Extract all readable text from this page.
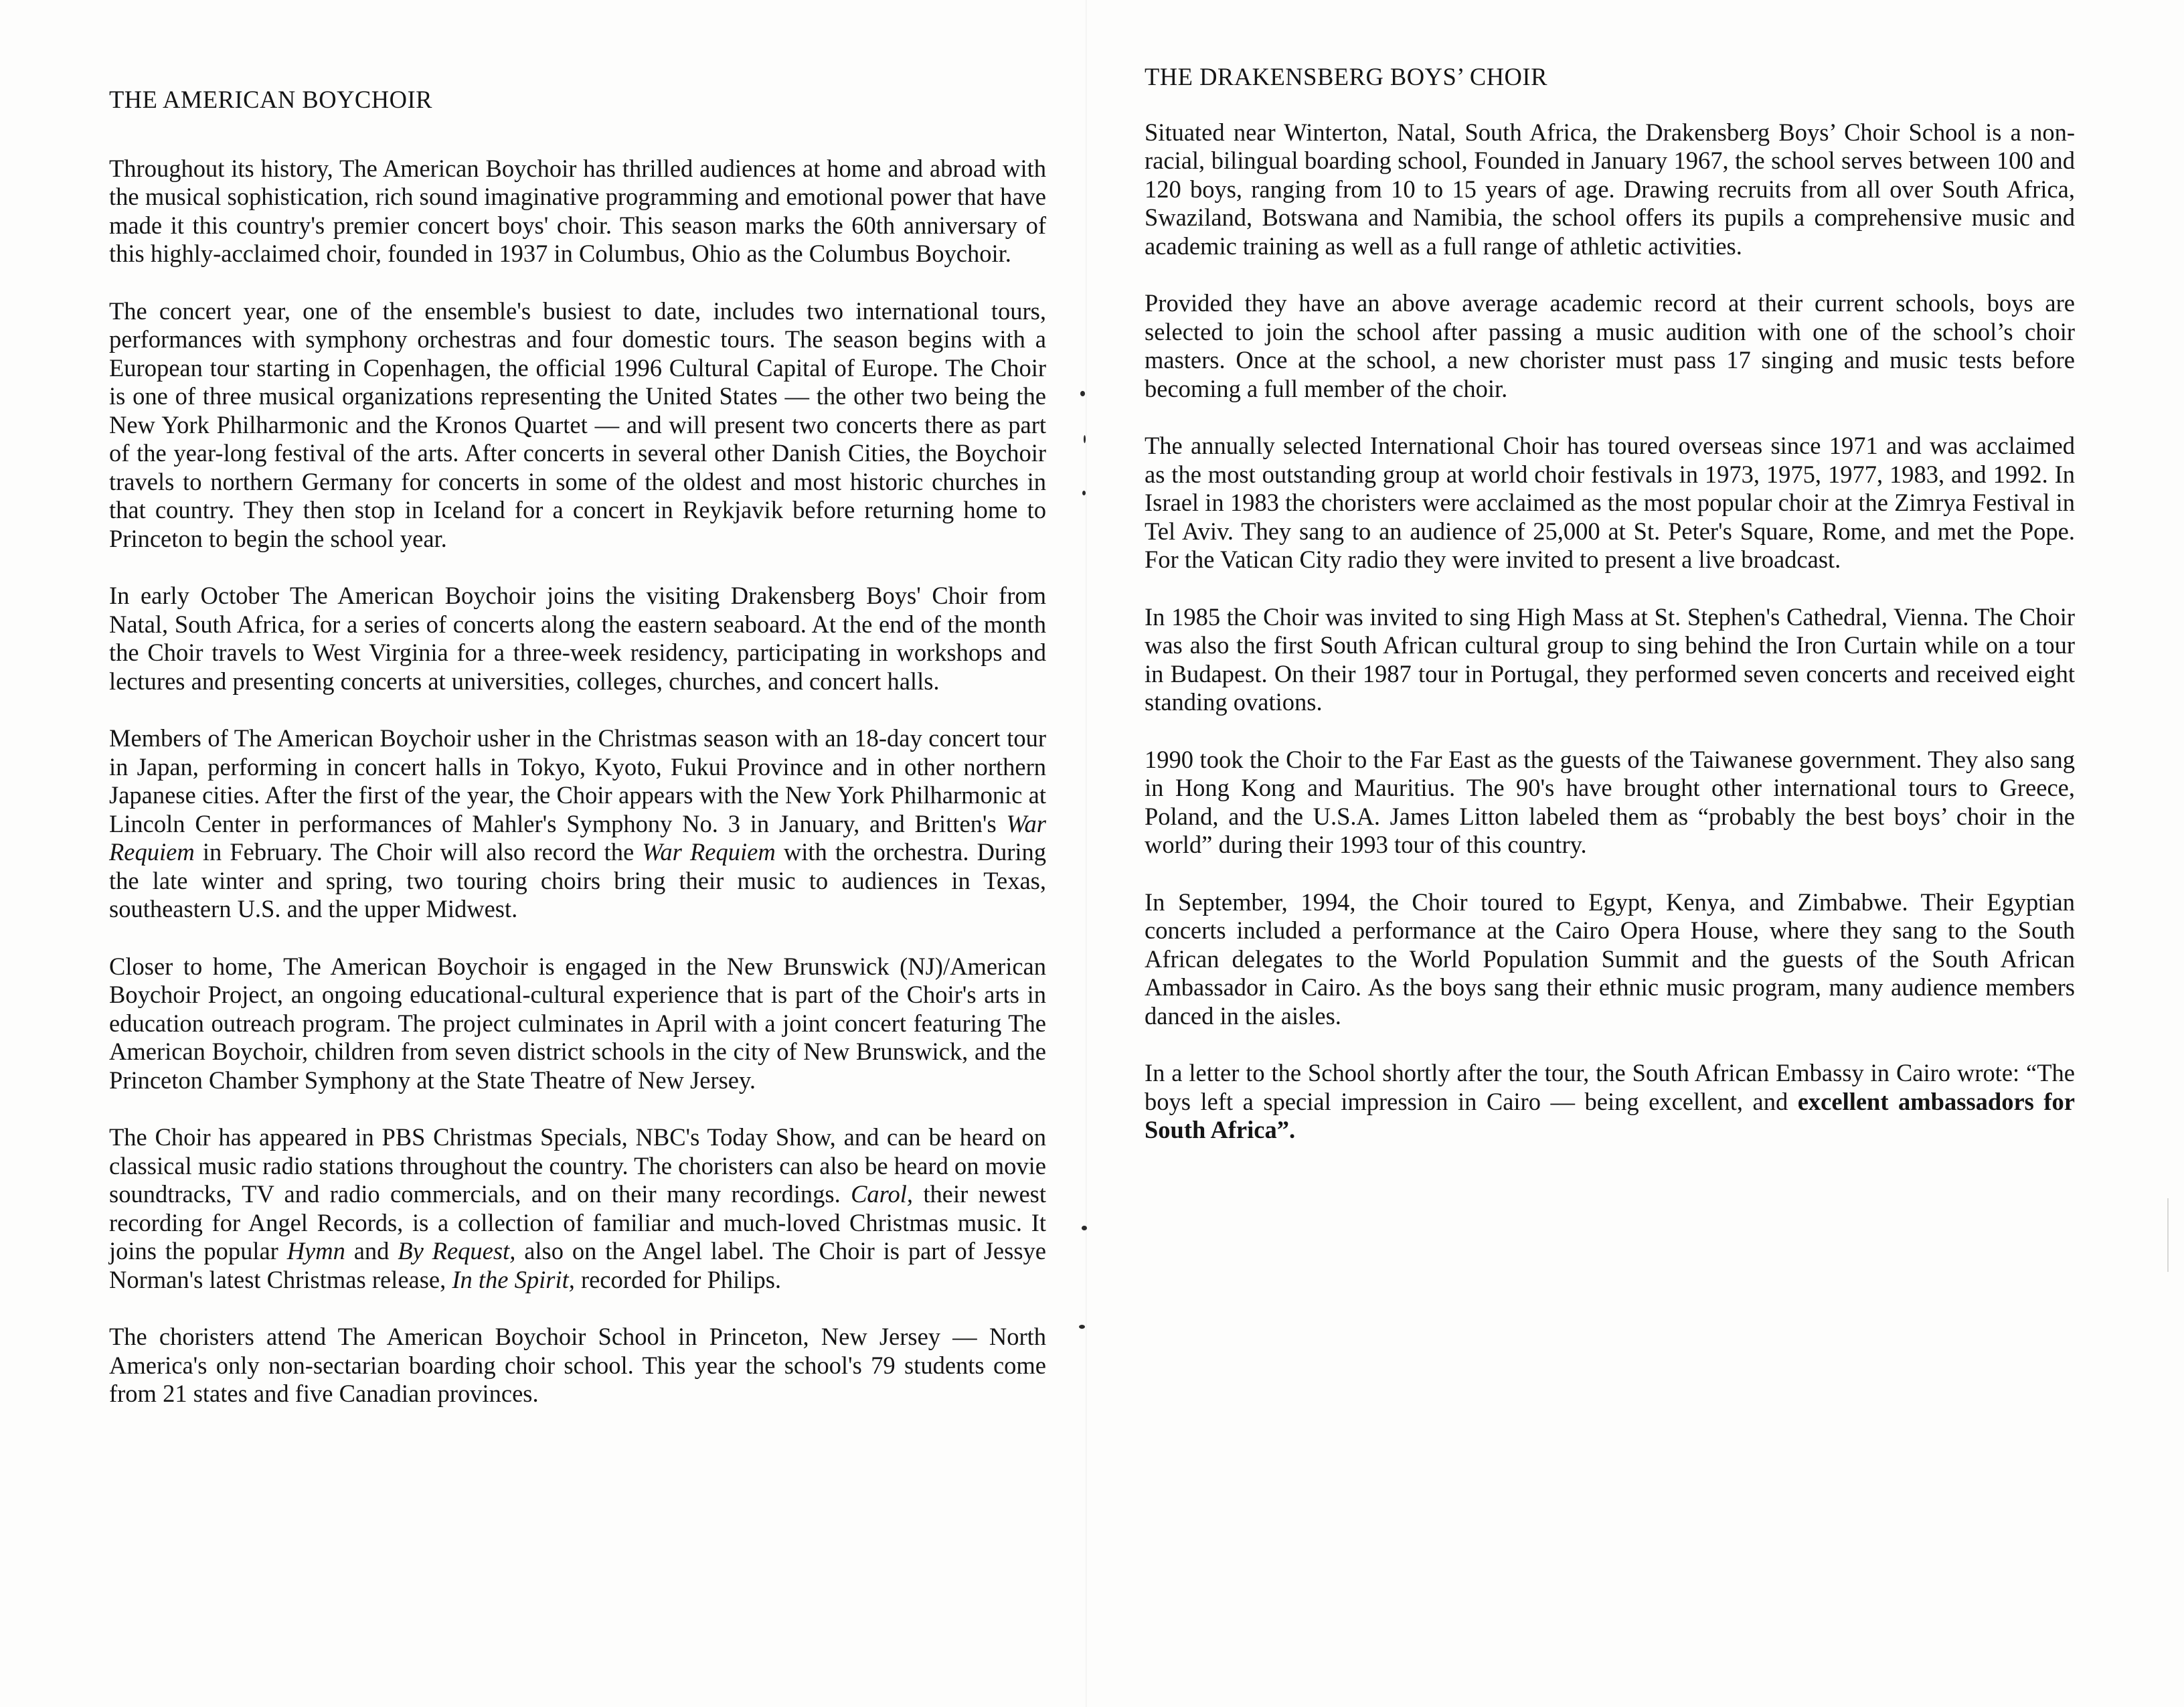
THE AMERICAN BOYCHOIR

Throughout its history, The American Boychoir has thrilled audiences at home and abroad with the musical sophistication, rich sound imaginative programming and emotional power that have made it this country's premier concert boys' choir. This season marks the 60th anniversary of this highly-acclaimed choir, founded in 1937 in Columbus, Ohio as the Columbus Boychoir.

The concert year, one of the ensemble's busiest to date, includes two international tours, performances with symphony orchestras and four domestic tours. The season begins with a European tour starting in Copenhagen, the official 1996 Cultural Capital of Europe. The Choir is one of three musical organizations representing the United States — the other two being the New York Philharmonic and the Kronos Quartet — and will present two concerts there as part of the year-long festival of the arts. After concerts in several other Danish Cities, the Boychoir travels to northern Germany for concerts in some of the oldest and most historic churches in that country. They then stop in Iceland for a concert in Reykjavik before returning home to Princeton to begin the school year.

In early October The American Boychoir joins the visiting Drakensberg Boys' Choir from Natal, South Africa, for a series of concerts along the eastern seaboard. At the end of the month the Choir travels to West Virginia for a three-week residency, participating in workshops and lectures and presenting concerts at universities, colleges, churches, and concert halls.

Members of The American Boychoir usher in the Christmas season with an 18-day concert tour in Japan, performing in concert halls in Tokyo, Kyoto, Fukui Province and in other northern Japanese cities. After the first of the year, the Choir appears with the New York Philharmonic at Lincoln Center in performances of Mahler's Symphony No. 3 in January, and Britten's War Requiem in February. The Choir will also record the War Requiem with the orchestra. During the late winter and spring, two touring choirs bring their music to audiences in Texas, southeastern U.S. and the upper Midwest.

Closer to home, The American Boychoir is engaged in the New Brunswick (NJ)/American Boychoir Project, an ongoing educational-cultural experience that is part of the Choir's arts in education outreach program. The project culminates in April with a joint concert featuring The American Boychoir, children from seven district schools in the city of New Brunswick, and the Princeton Chamber Symphony at the State Theatre of New Jersey.

The Choir has appeared in PBS Christmas Specials, NBC's Today Show, and can be heard on classical music radio stations throughout the country. The choristers can also be heard on movie soundtracks, TV and radio commercials, and on their many recordings. Carol, their newest recording for Angel Records, is a collection of familiar and much-loved Christmas music. It joins the popular Hymn and By Request, also on the Angel label. The Choir is part of Jessye Norman's latest Christmas release, In the Spirit, recorded for Philips.

The choristers attend The American Boychoir School in Princeton, New Jersey — North America's only non-sectarian boarding choir school. This year the school's 79 students come from 21 states and five Canadian provinces.

THE DRAKENSBERG BOYS’ CHOIR

Situated near Winterton, Natal, South Africa, the Drakensberg Boys’ Choir School is a non-racial, bilingual boarding school, Founded in January 1967, the school serves between 100 and 120 boys, ranging from 10 to 15 years of age. Drawing recruits from all over South Africa, Swaziland, Botswana and Namibia, the school offers its pupils a comprehensive music and academic training as well as a full range of athletic activities.

Provided they have an above average academic record at their current schools, boys are selected to join the school after passing a music audition with one of the school’s choir masters. Once at the school, a new chorister must pass 17 singing and music tests before becoming a full member of the choir.

The annually selected International Choir has toured overseas since 1971 and was acclaimed as the most outstanding group at world choir festivals in 1973, 1975, 1977, 1983, and 1992. In Israel in 1983 the choristers were acclaimed as the most popular choir at the Zimrya Festival in Tel Aviv. They sang to an audience of 25,000 at St. Peter's Square, Rome, and met the Pope. For the Vatican City radio they were invited to present a live broadcast.

In 1985 the Choir was invited to sing High Mass at St. Stephen's Cathedral, Vienna. The Choir was also the first South African cultural group to sing behind the Iron Curtain while on a tour in Budapest. On their 1987 tour in Portugal, they performed seven concerts and received eight standing ovations.

1990 took the Choir to the Far East as the guests of the Taiwanese government. They also sang in Hong Kong and Mauritius. The 90's have brought other international tours to Greece, Poland, and the U.S.A. James Litton labeled them as “probably the best boys’ choir in the world” during their 1993 tour of this country.

In September, 1994, the Choir toured to Egypt, Kenya, and Zimbabwe. Their Egyptian concerts included a performance at the Cairo Opera House, where they sang to the South African delegates to the World Population Summit and the guests of the South African Ambassador in Cairo. As the boys sang their ethnic music program, many audience members danced in the aisles.

In a letter to the School shortly after the tour, the South African Embassy in Cairo wrote: “The boys left a special impression in Cairo — being excellent, and excellent ambassadors for South Africa”.
